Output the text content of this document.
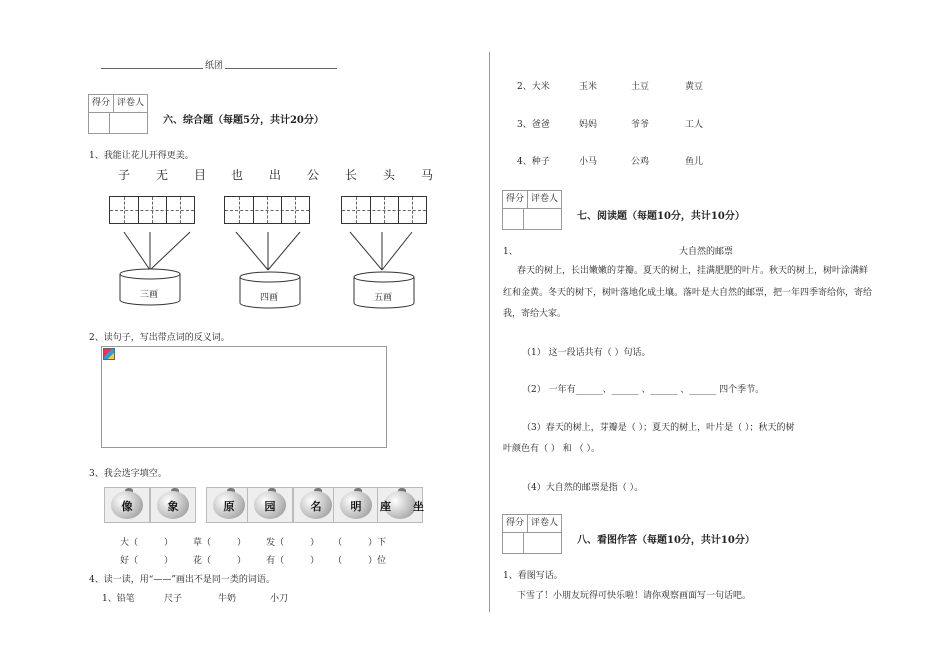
纸团
得分 评卷人
六、综合题（每题5分，共计20分）
1、我能让花儿开得更美。
子 无 目 也 出 公 长 头 马
三画	四画	五画
2、读句子，写出带点词的反义词。
3、我会选字填空。
像	象	原	园	名	明	座	坐
大（	） 草（	） 发（	） （	）下
好（	） 花（	） 有（	） （	）位
4、读一读，用“——”画出不是同一类的词语。
1、铅笔	尺子	牛奶	小刀
2、大米	玉米	土豆	黄豆
3、爸爸	妈妈	爷爷	工人
4、种子	小马	公鸡	鱼儿
得分 评卷人
七、阅读题（每题10分，共计10分）
1、	大自然的邮票
春天的树上，长出嫩嫩的芽瓣。夏天的树上，挂满肥肥的叶片。秋天的树上，树叶涂满鲜
红和金黄。冬天的树下，树叶落地化成土壤。落叶是大自然的邮票，把一年四季寄给你，寄给
我，寄给大家。
（1） 这一段话共有（ ）句话。
（2） 一年有______、______ 、______ 、______ 四个季节。
（3）春天的树上，芽瓣是（ ）；夏天的树上，叶片是（ ）；秋天的树
叶颜色有（ ） 和 （ ）。
（4）大自然的邮票是指（ ）。
得分 评卷人
八、看图作答（每题10分，共计10分）
1、看图写话。
下雪了！小朋友玩得可快乐啦！请你观察画面写一句话吧。
